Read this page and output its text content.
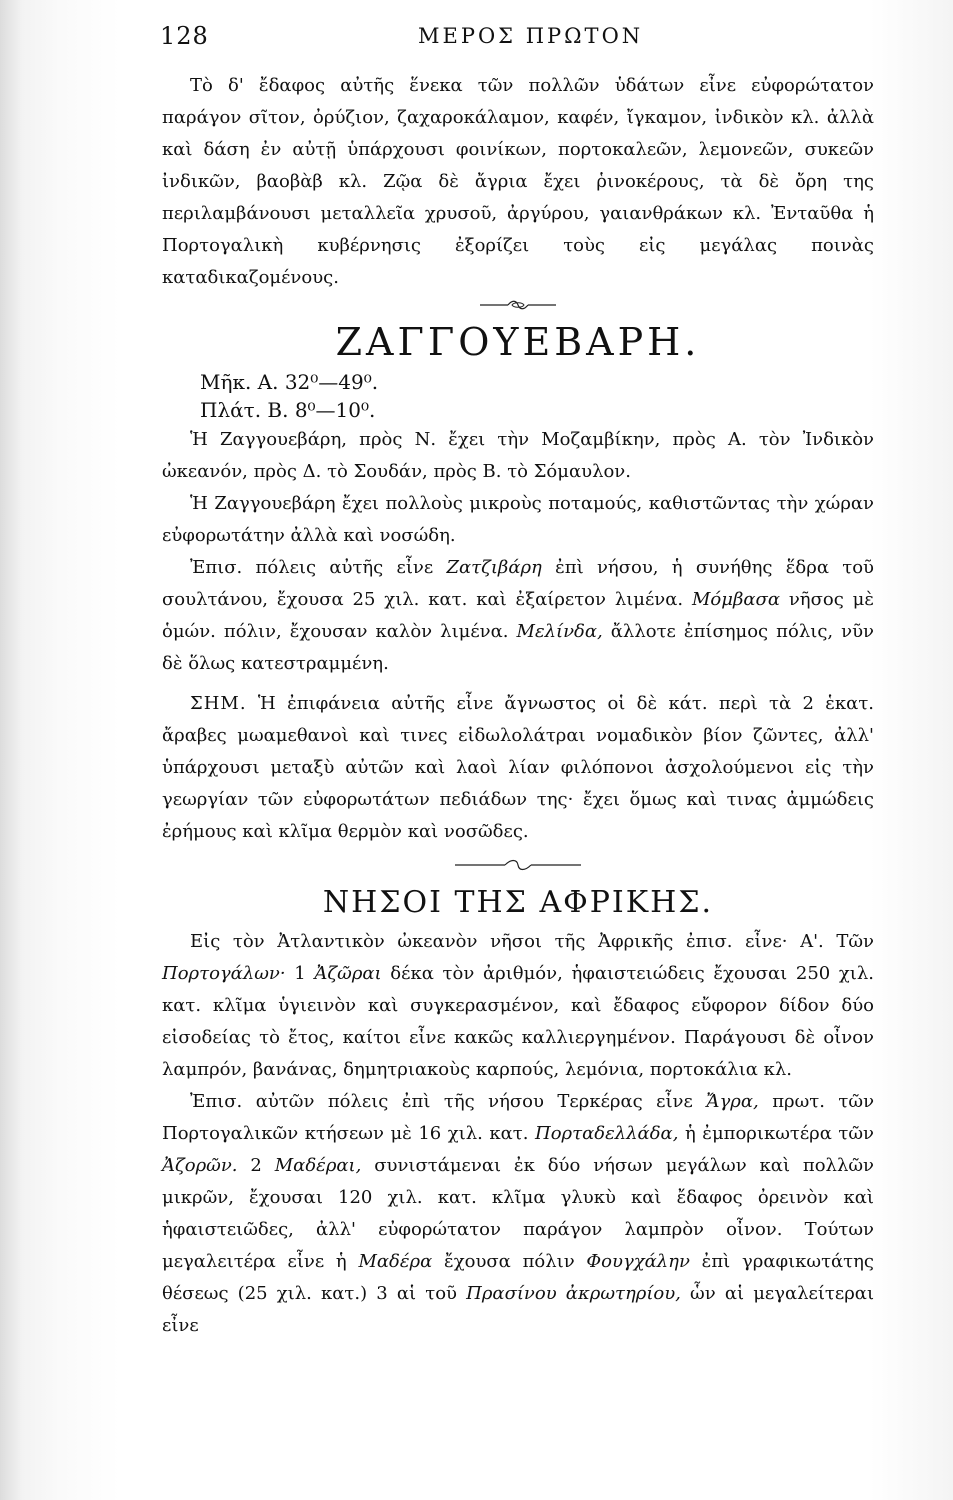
128	ΜΕΡΟΣ ΠΡΩΤΟΝ

Τὸ δ' ἔδαφος αὐτῆς ἕνεκα τῶν πολλῶν ὑδάτων εἶνε εὐφορώτατον παράγον σῖτον, ὀρύζιον, ζαχαροκάλαμον, καφέν, ἴγκαμον, ἰνδικὸν κλ. ἀλλὰ καὶ δάση ἐν αὐτῇ ὑπάρχουσι φοινίκων, πορτοκαλεῶν, λεμονεῶν, συκεῶν ἰνδικῶν, βαοβὰβ κλ. Ζῷα δὲ ἄγρια ἔχει ῥινοκέρους, τὰ δὲ ὄρη της περιλαμβάνουσι μεταλλεῖα χρυσοῦ, ἀργύρου, γαιανθράκων κλ. Ἐνταῦθα ἡ Πορτογαλικὴ κυβέρνησις ἐξορίζει τοὺς εἰς μεγάλας ποινὰς καταδικαζομένους.

ΖΑΓΓΟΥΕΒΑΡΗ.
Μῆκ. Α. 32⁰—49⁰.
Πλάτ. Β. 8⁰—10⁰.

Ἡ Ζαγγουεβάρη, πρὸς Ν. ἔχει τὴν Μοζαμβίκην, πρὸς Α. τὸν Ἰνδικὸν ὠκεανόν, πρὸς Δ. τὸ Σουδάν, πρὸς Β. τὸ Σόμαυλον.

Ἡ Ζαγγουεβάρη ἔχει πολλοὺς μικροὺς ποταμούς, καθιστῶντας τὴν χώραν εὐφορωτάτην ἀλλὰ καὶ νοσώδη.

Ἐπισ. πόλεις αὐτῆς εἶνε Ζατζιβάρη ἐπὶ νήσου, ἡ συνήθης ἕδρα τοῦ σουλτάνου, ἔχουσα 25 χιλ. κατ. καὶ ἐξαίρετον λιμένα. Μόμβασα νῆσος μὲ ὁμών. πόλιν, ἔχουσαν καλὸν λιμένα. Μελίνδα, ἄλλοτε ἐπίσημος πόλις, νῦν δὲ ὅλως κατεστραμμένη.

ΣΗΜ. Ἡ ἐπιφάνεια αὐτῆς εἶνε ἄγνωστος οἱ δὲ κάτ. περὶ τὰ 2 ἑκατ. ἄραβες μωαμεθανοὶ καὶ τινες εἰδωλολάτραι νομαδικὸν βίον ζῶντες, ἀλλ' ὑπάρχουσι μεταξὺ αὐτῶν καὶ λαοὶ λίαν φιλόπονοι ἀσχολούμενοι εἰς τὴν γεωργίαν τῶν εὐφορωτάτων πεδιάδων της· ἔχει ὅμως καὶ τινας ἀμμώδεις ἐρήμους καὶ κλῖμα θερμὸν καὶ νοσῶδες.

ΝΗΣΟΙ ΤΗΣ ΑΦΡΙΚΗΣ.

Εἰς τὸν Ἀτλαντικὸν ὠκεανὸν νῆσοι τῆς Ἀφρικῆς ἐπισ. εἶνε· Α'. Τῶν Πορτογάλων· 1 Ἀζῶραι δέκα τὸν ἀριθμόν, ἡφαιστειώδεις ἔχουσαι 250 χιλ. κατ. κλῖμα ὑγιεινὸν καὶ συγκερασμένον, καὶ ἔδαφος εὔφορον δίδον δύο εἰσοδείας τὸ ἔτος, καίτοι εἶνε κακῶς καλλιεργημένον. Παράγουσι δὲ οἶνον λαμπρόν, βανάνας, δημητριακοὺς καρπούς, λεμόνια, πορτοκάλια κλ.

Ἐπισ. αὐτῶν πόλεις ἐπὶ τῆς νήσου Τερκέρας εἶνε Ἄγρα, πρωτ. τῶν Πορτογαλικῶν κτήσεων μὲ 16 χιλ. κατ. Πορταδελλάδα, ἡ ἐμπορικωτέρα τῶν Ἀζορῶν. 2 Μαδέραι, συνιστάμεναι ἐκ δύο νήσων μεγάλων καὶ πολλῶν μικρῶν, ἔχουσαι 120 χιλ. κατ. κλῖμα γλυκὺ καὶ ἔδαφος ὀρεινὸν καὶ ἡφαιστειῶδες, ἀλλ' εὐφορώτατον παράγον λαμπρὸν οἶνον. Τούτων μεγαλειτέρα εἶνε ἡ Μαδέρα ἔχουσα πόλιν Φουγχάλην ἐπὶ γραφικωτάτης θέσεως (25 χιλ. κατ.) 3 αἱ τοῦ Πρασίνου ἀκρωτηρίου, ὧν αἱ μεγαλείτεραι εἶνε
